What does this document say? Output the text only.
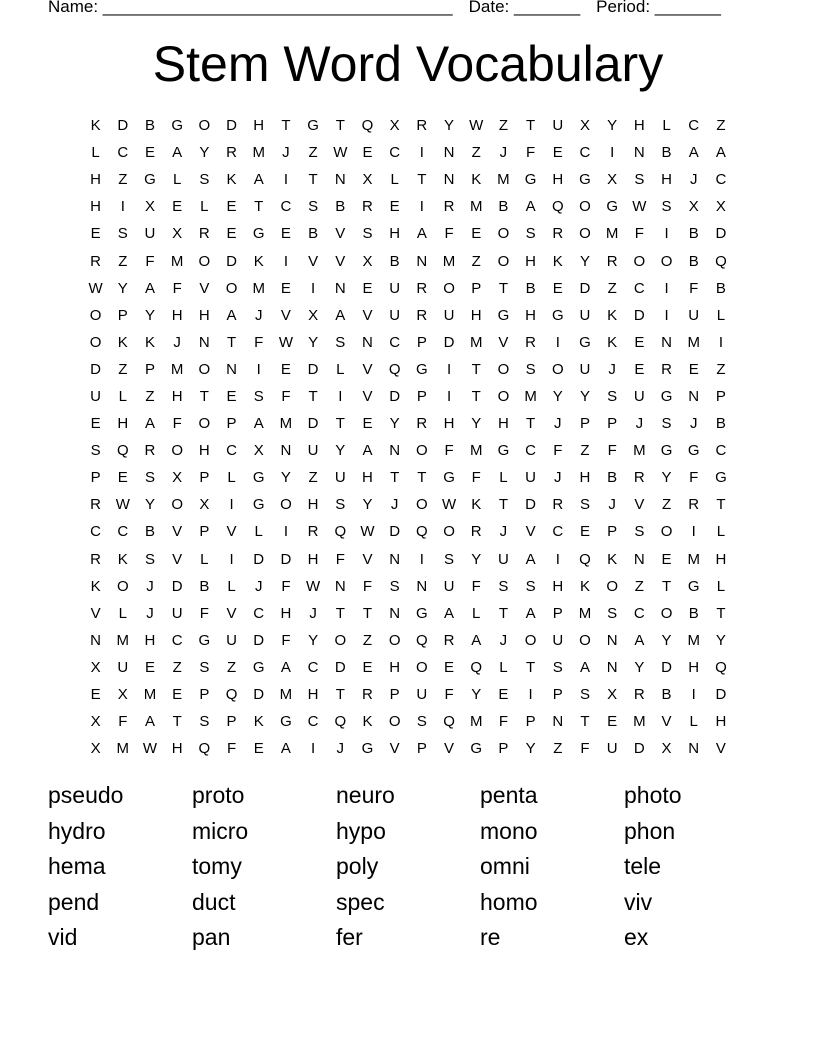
Name: _____________________________________ Date: _______ Period: _______
Stem Word Vocabulary
K	D	B	G	O	D	H	T	G	T	Q	X	R	Y	W	Z	T	U	X	Y	H	L	C	Z
L	C	E	A	Y	R	M	J	Z	W	E	C	I	N	Z	J	F	E	C	I	N	B	A	A
H	Z	G	L	S	K	A	I	T	N	X	L	T	N	K	M	G	H	G	X	S	H	J	C
H	I	X	E	L	E	T	C	S	B	R	E	I	R	M	B	A	Q	O	G W	S	X	X
E	S	U	X	R	E	G	E	B	V	S	H	A	F	E	O	S	R	O	M	F	I	B	D
R	Z	F	M	O	D	K	I	V	V	X	B	N	M	Z	O	H	K	Y	R	O	O	B	Q
W	Y	A	F	V	O	M	E	I	N	E	U	R	O	P	T	B	E	D	Z	C	I	F	B
O	P	Y	H	H	A	J	V	X	A	V	U	R	U	H	G	H	G	U	K	D	I	U	L
O	K	K	J	N	T	F	W	Y	S	N	C	P	D	M	V	R	I	G	K	E	N	M	I
D	Z	P	M	O	N	I	E	D	L	V	Q	G	I	T	O	S	O	U	J	E	R	E	Z
U	L	Z	H	T	E	S	F	T	I	V	D	P	I	T	O	M	Y	Y	S	U	G	N	P
E	H	A	F	O	P	A	M	D	T	E	Y	R	H	Y	H	T	J	P	P	J	S	J	B
S	Q	R	O	H	C	X	N	U	Y	A	N	O	F	M	G	C	F	Z	F	M	G	G	C
P	E	S	X	P	L	G	Y	Z	U	H	T	T	G	F	L	U	J	H	B	R	Y	F	G
R W	Y	O	X	I	G	O	H	S	Y	J	O W	K	T	D	R	S	J	V	Z	R	T
C	C	B	V	P	V	L	I	R	Q W D	Q	O	R	J	V	C	E	P	S	O	I	L
R	K	S	V	L	I	D	D	H	F	V	N	I	S	Y	U	A	I	Q	K	N	E	M	H
K	O	J	D	B	L	J	F	W N	F	S	N	U	F	S	S	H	K	O	Z	T	G	L
V	L	J	U	F	V	C	H	J	T	T	N	G	A	L	T	A	P	M	S	C	O	B	T
N	M	H	C	G	U	D	F	Y	O	Z	O	Q	R	A	J	O	U	O	N	A	Y	M	Y
X	U	E	Z	S	Z	G	A	C	D	E	H	O	E	Q	L	T	S	A	N	Y	D	H	Q
E	X	M	E	P	Q	D	M	H	T	R	P	U	F	Y	E	I	P	S	X	R	B	I	D
X	F	A	T	S	P	K	G	C	Q	K	O	S	Q	M	F	P	N	T	E	M	V	L	H
X	M W H	Q	F	E	A	I	J	G	V	P	V	G	P	Y	Z	F	U	D	X	N	V
pseudo	proto	neuro	penta	photo
hydro	micro	hypo	mono	phon
hema	tomy	poly	omni	tele
pend	duct	spec	homo	viv
vid	pan	fer	re	ex
